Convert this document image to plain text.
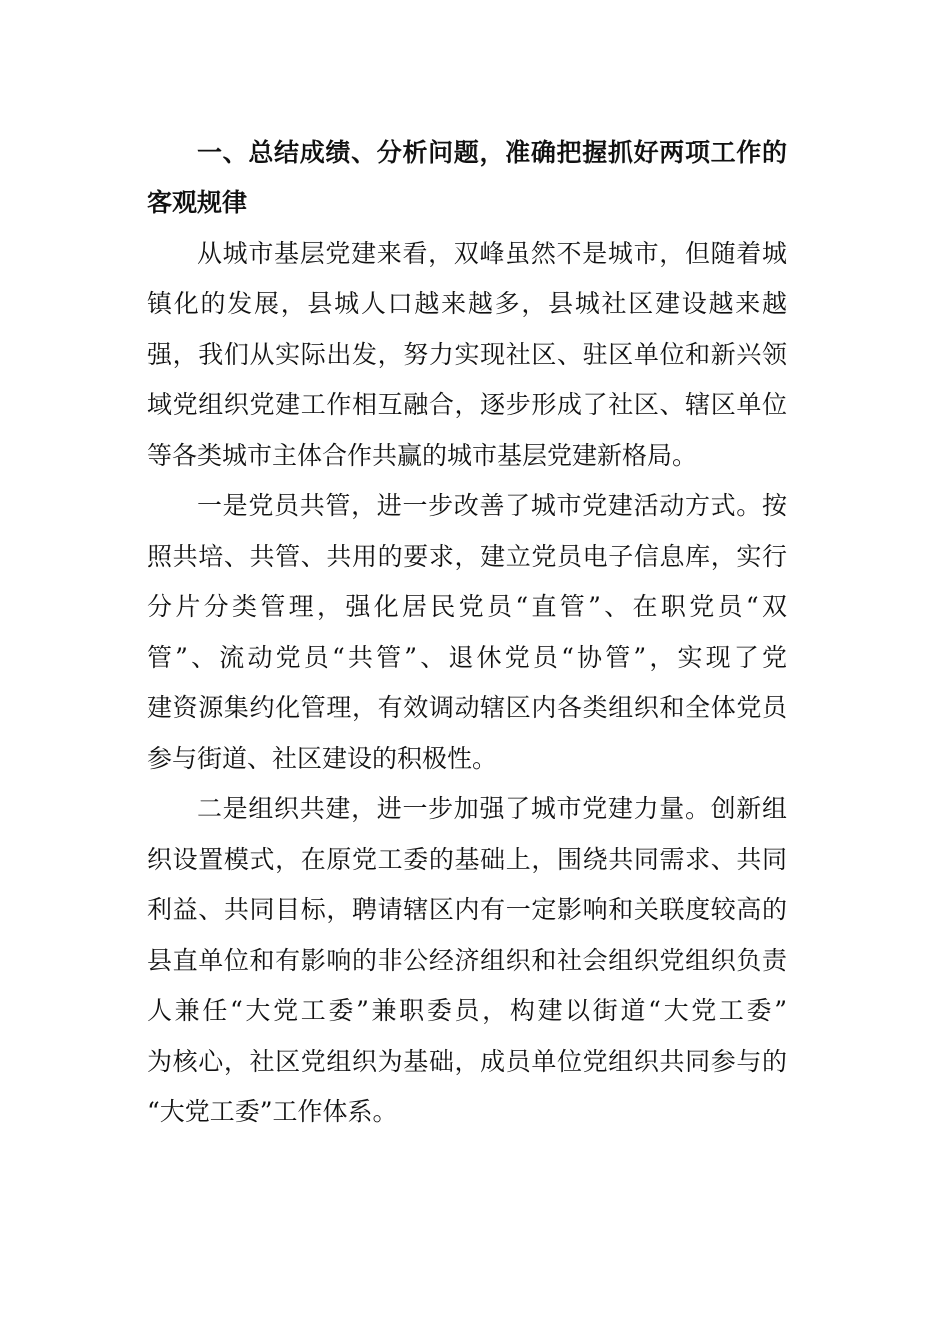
一、总结成绩、分析问题，准确把握抓好两项工作的
客观规律
从城市基层党建来看，双峰虽然不是城市，但随着城
镇化的发展，县城人口越来越多，县城社区建设越来越
强，我们从实际出发，努力实现社区、驻区单位和新兴领
域党组织党建工作相互融合，逐步形成了社区、辖区单位
等各类城市主体合作共赢的城市基层党建新格局。
一是党员共管，进一步改善了城市党建活动方式。按
照共培、共管、共用的要求，建立党员电子信息库，实行
分片分类管理，强化居民党员“直管”、在职党员“双
管”、流动党员“共管”、退休党员“协管”，实现了党
建资源集约化管理，有效调动辖区内各类组织和全体党员
参与街道、社区建设的积极性。
二是组织共建，进一步加强了城市党建力量。创新组
织设置模式，在原党工委的基础上，围绕共同需求、共同
利益、共同目标，聘请辖区内有一定影响和关联度较高的
县直单位和有影响的非公经济组织和社会组织党组织负责
人兼任“大党工委”兼职委员，构建以街道“大党工委”
为核心，社区党组织为基础，成员单位党组织共同参与的
“大党工委”工作体系。
